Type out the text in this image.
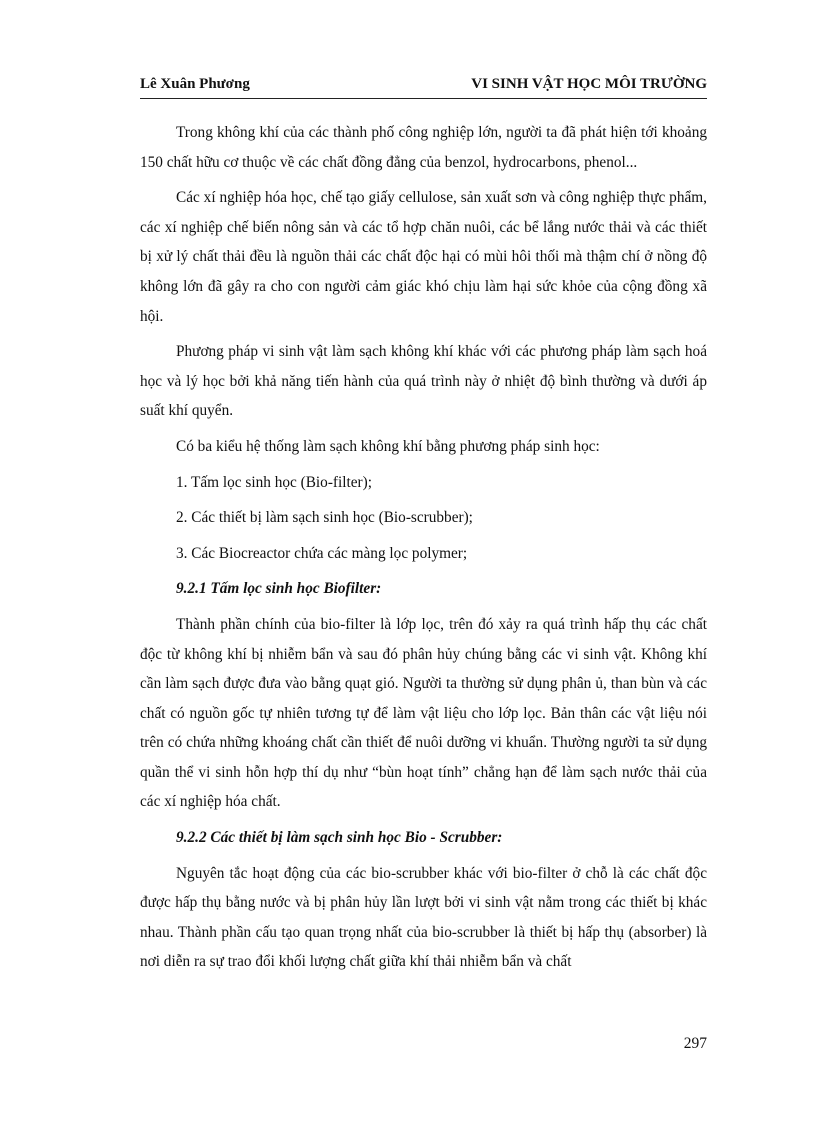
Lê Xuân Phương	VI SINH VẬT HỌC MÔI TRƯỜNG

Trong không khí của các thành phố công nghiệp lớn, người ta đã phát hiện tới khoảng 150 chất hữu cơ thuộc về các chất đồng đẳng của benzol, hydrocarbons, phenol...

Các xí nghiệp hóa học, chế tạo giấy cellulose, sản xuất sơn và công nghiệp thực phẩm, các xí nghiệp chế biến nông sản và các tổ hợp chăn nuôi, các bể lắng nước thải và các thiết bị xử lý chất thải đều là nguồn thải các chất độc hại có mùi hôi thối mà thậm chí ở nồng độ không lớn đã gây ra cho con người cảm giác khó chịu làm hại sức khỏe của cộng đồng xã hội.

Phương pháp vi sinh vật làm sạch không khí khác với các phương pháp làm sạch hoá học và lý học bởi khả năng tiến hành của quá trình này ở nhiệt độ bình thường và dưới áp suất khí quyển.

Có ba kiểu hệ thống làm sạch không khí bằng phương pháp sinh học:

1. Tấm lọc sinh học (Bio-filter);

2. Các thiết bị làm sạch sinh học (Bio-scrubber);

3. Các Biocreactor chứa các màng lọc polymer;

9.2.1 Tấm lọc sinh học Biofilter:

Thành phần chính của bio-filter là lớp lọc, trên đó xảy ra quá trình hấp thụ các chất độc từ không khí bị nhiễm bẩn và sau đó phân hủy chúng bằng các vi sinh vật. Không khí cần làm sạch được đưa vào bằng quạt gió. Người ta thường sử dụng phân ủ, than bùn và các chất có nguồn gốc tự nhiên tương tự để làm vật liệu cho lớp lọc. Bản thân các vật liệu nói trên có chứa những khoáng chất cần thiết để nuôi dưỡng vi khuẩn. Thường người ta sử dụng quần thể vi sinh hỗn hợp thí dụ như “bùn hoạt tính” chẳng hạn để làm sạch nước thải của các xí nghiệp hóa chất.

9.2.2 Các thiết bị làm sạch sinh học Bio - Scrubber:

Nguyên tắc hoạt động của các bio-scrubber khác với bio-filter ở chỗ là các chất độc được hấp thụ bằng nước và bị phân hủy lần lượt bởi vi sinh vật nằm trong các thiết bị khác nhau. Thành phần cấu tạo quan trọng nhất của bio-scrubber là thiết bị hấp thụ (absorber) là nơi diễn ra sự trao đổi khối lượng chất giữa khí thải nhiễm bẩn và chất

297
